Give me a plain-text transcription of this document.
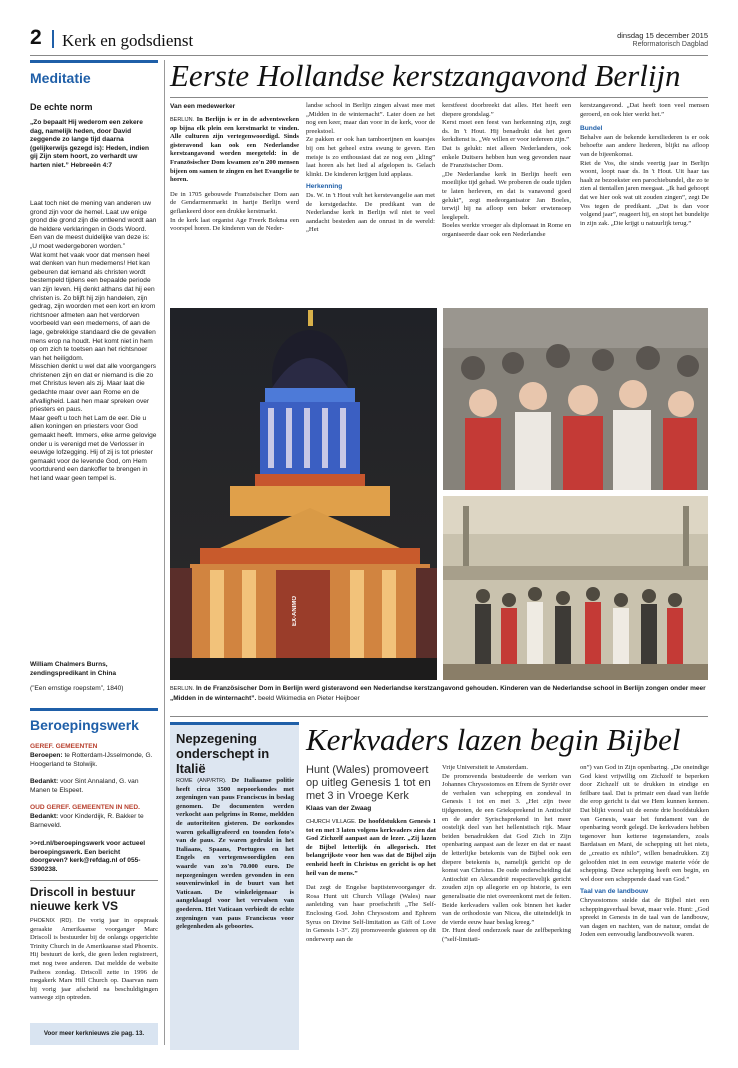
2 Kerk en godsdienst	dinsdag 15 december 2015
Reformatorisch Dagblad
Meditatie
De echte norm
„Zo bepaalt Hij wederom een zekere dag, namelijk heden, door David zeggende zo lange tijd daarna (gelijkerwijs gezegd is): Heden, indien gij Zijn stem hoort, zo verhardt uw harten niet.” Hebreeën 4:7

Laat toch niet de mening van anderen uw grond zijn voor de hemel. Laat uw enige grond die grond zijn die ontleend wordt aan de heldere verklaringen in Gods Woord. Een van de meest duidelijke van deze is: „U moet wedergeboren worden.”

Wat komt het vaak voor dat mensen heel wat denken van hun medemens! Het kan gebeuren dat iemand als christen wordt bestempeld tijdens een bepaalde periode van zijn leven. Hij denkt althans dat hij een christen is. Zo blijft hij zijn handelen, zijn gedrag, zijn woorden met een kort en krom richtsnoer afmeten aan het verdorven voorbeeld van een medemens, of aan de lage, gebrekkige standaard die de gevallen mens erop na houdt. Het komt niet in hem op om zich te toetsen aan het richtsnoer van het heiligdom.

Misschien denkt u wel dat alle voorgangers christenen zijn en dat er niemand is die zo met Christus leven als zij. Maar laat die gedachte maar over aan Rome en de afvalligheid. Laat hen maar spreken over priesters en paus.

Maar geeft u toch het Lam de eer. Die u allen koningen en priesters voor God gemaakt heeft. Immers, elke arme gelovige onder u is verenigd met de Verlosser in eeuwige lofzegging. Hij of zij is tot priester gemaakt voor de levende God, om Hem voortdurend een dankoffer te brengen in het land waar geen tempel is.

William Chalmers Burns, zendingspredikant in China
(”Een ernstige roepstem”, 1840)
Beroepingswerk
GEREF. GEMEENTEN
Beroepen: te Rotterdam-IJsselmonde, G. Hoogerland te Stolwijk.
Bedankt: voor Sint Annaland, G. van Manen te Elspeet.
OUD GEREF. GEMEENTEN IN NED.
Bedankt: voor Kinderdijk, R. Bakker te Barneveld.
>>rd.nl/beroepingswerk voor actueel beroepingswerk. Een bericht doorgeven? kerk@refdag.nl of 055-5390238.
Driscoll in bestuur nieuwe kerk VS
PHOENIX (RD). De vorig jaar in opspraak geraakte Amerikaanse voorganger Marc Driscoll is bestuurder bij de onlangs opgerichte Trinity Church in de Amerikaanse stad Phoenix. Hij bestuurt de kerk, die geen leden registreert, met nog twee anderen. Dat meldde de website Patheos zondag. Driscoll zette in 1996 de megakerk Mars Hill Church op. Daarvan nam hij vorig jaar afscheid na beschuldigingen vanwege zijn optreden.
Voor meer kerknieuws zie pag. 13.
Eerste Hollandse kerstzangavond Berlijn
Van een medewerker
BERLIJN. In Berlijn is er in de adventsweken op bijna elk plein een kerstmarkt te vinden. Alle culturen zijn vertegenwoordigd. Sinds gisteravond kan ook een Nederlandse kerstzangavond worden meegeteld: in de Französischer Dom kwamen zo'n 200 mensen bijeen om samen te zingen en het Evangelie te horen.

De in 1705 gebouwde Französischer Dom aan de Gendarmenmarkt in hartje Berlijn werd geflankeerd door een drukke kerstmarkt.

In de kerk laat organist Age Freerk Bokma een voorspel horen. De kinderen van de Neder-

landse school in Berlijn zingen alvast mee met „Midden in de winternacht”. Later doen ze het nog een keer, maar dan voor in de kerk, voor de preekstoel.

Ze pakken er ook han tamboerijnen en kaarsjes bij om het geheel extra swung te geven. Een meisje is zo enthousiast dat ze nog een „kling” laat horen als het lied al afgelopen is. Gelach klinkt. De kinderen krijgen luid applaus.

Herkenning

Ds. W. in 't Hout vult het kerstevangelie aan met de kerstgedachte. De predikant van de Nederlandse kerk in Berlijn wil niet te veel aandacht besteden aan de onrust in de wereld: „Het

kerstfeest doorbreekt dat alles. Het heeft een diepere grondslag.”

Kerst moet een feest van herkenning zijn, zegt ds. In 't Hout. Hij benadrukt dat het geen kerkdienst is. „We willen er voor iedereen zijn.”

Dat is gelukt: niet alleen Nederlanders, ook enkele Duitsers hebben hun weg gevonden naar de Französischer Dom.

„De Nederlandse kerk in Berlijn heeft een moeilijke tijd gehad. We proberen de oude tijden te laten herleven, en dat is vanavond goed gelukt”, zegt medeorganisator Jan Boeles, terwijl hij na afloop een beker erwtensoep leeglepelt.

Boeles werkte vroeger als diplomaat in Rome en organiseerde daar ook een Nederlandse

kerstzangavond. „Dat heeft toen veel mensen geroerd, en ook hier werkt het.”

Bundel

Behalve aan de bekende kerstliederen is er ook behoefte aan andere liederen, blijkt na afloop van de bijeenkomst.

Riet de Vos, die sinds veertig jaar in Berlijn woont, loopt naar ds. In 't Hout. Uit haar tas haalt ze bezoekster een parochiebundel, die zo te zien al tientallen jaren meegaat. „Ik had gehoopt dat we hier ook wat uit zouden zingen”, zegt De Vos tegen de predikant. „Dat is dan voor volgend jaar”, reageert hij, en stopt het bundeltje in zijn zak. „Die krijgt u natuurlijk terug.”

EX-ANIMO
BERLIJN. In de Französischer Dom in Berlijn werd gisteravond een Nederlandse kerstzangavond gehouden. Kinderen van de Nederlandse school in Berlijn zongen onder meer „Midden in de winternacht”. beeld Wikimedia en Pieter Heijboer
Nepzegening onderschept in Italië
ROME (ANP/RTR). De Italiaanse politie heeft circa 3500 nepoorkondes met zegeningen van paus Franciscus in beslag genomen. De documenten werden verkocht aan pelgrims in Rome, meldden de autoriteiten gisteren. De oorkondes waren gekalligrafeerd en toonden foto's van de paus. Ze waren gedrukt in het Italiaans, Spaans, Portugees en het Engels en vertegenwoordigden een waarde van zo'n 70.000 euro. De nepzegeningen werden gevonden in een souvenirwinkel in de buurt van het Vaticaan. De winkeleigenaar is aangeklaagd voor het vervalsen van goederen. Het Vaticaan verbiedt de echte zegeningen van paus Franciscus voor gelegenheden als geboortes.
Kerkvaders lazen begin Bijbel
Hunt (Wales) promoveert op uitleg Genesis 1 tot en met 3 in Vroege Kerk
Klaas van der Zwaag
CHURCH VILLAGE. De hoofdstukken Genesis 1 tot en met 3 laten volgens kerkvaders zien dat God Zichzelf aanpast aan de lezer. „Zij lazen de Bijbel letterlijk én allegorisch. Het belangrijkste voor hen was dat de Bijbel zijn eenheid heeft in Christus en gericht is op het heil van de mens.”

Dat zegt de Engelse baptistenvoorganger dr. Rosa Hunt uit Church Village (Wales) naar aanleiding van haar proefschrift „The Self-Enclosing God. John Chrysostom and Ephrem Syrus on Divine Self-limitation as Gift of Love in Genesis 1-3”. Zij promoveerde gisteren op dit onderwerp aan de

Vrije Universiteit te Amsterdam.

De promovenda bestudeerde de werken van Johannes Chrysostomos en Efrem de Syriër over de verhalen van schepping en zondeval in Genesis 1 tot en met 3. „Het zijn twee tijdgenoten, de een Grieksprekend in Antiochië en de ander Syrischsprekend in het meer oostelijk deel van het hellenistisch rijk. Maar beiden benadrukken dat God Zich in Zijn openbaring aanpast aan de lezer en dat er naast de letterlijke betekenis van de Bijbel ook een diepere betekenis is, namelijk gericht op de komst van Christus. De oude onderscheiding dat Antiochië en Alexandrië respectievelijk gericht zouden zijn op allegorie en op historie, is een generalisatie die niet overeenkomt met de feiten. Beide kerkvaders vallen ook binnen het kader van de orthodoxie van Nicea, die uiteindelijk in de vierde eeuw haar beslag kreeg.”

Dr. Hunt deed onderzoek naar de zelfbeperking (”self-limitati-

on”) van God in Zijn openbaring. „De oneindige God kiest vrijwillig om Zichzelf te beperken door Zichzelf uit te drukken in eindige en feilbare taal. Dat is primair een daad van liefde die erop gericht is dat we Hem kunnen kennen. Dat blijkt vooral uit de eerste drie hoofdstukken van Genesis, waar het fundament van de openbaring wordt gelegd. De kerkvaders hebben tegenover hun ketterse tegenstanders, zoals Bardaisan en Mani, de schepping uit het niets, de „creatio ex nihilo”, willen benadrukken. Zij geloofden niet in een eeuwige materie vóór de schepping. Deze schepping heeft een begin, en wel door een scheppende daad van God.”

Taal van de landbouw

Chrysostomos stelde dat de Bijbel niet een scheppingsverhaal bevat, maar vele. Hunt: „God spreekt in Genesis in de taal van de landbouw, van dagen en nachten, van de natuur, omdat de Joden een eenvoudig landbouwvolk waren.
